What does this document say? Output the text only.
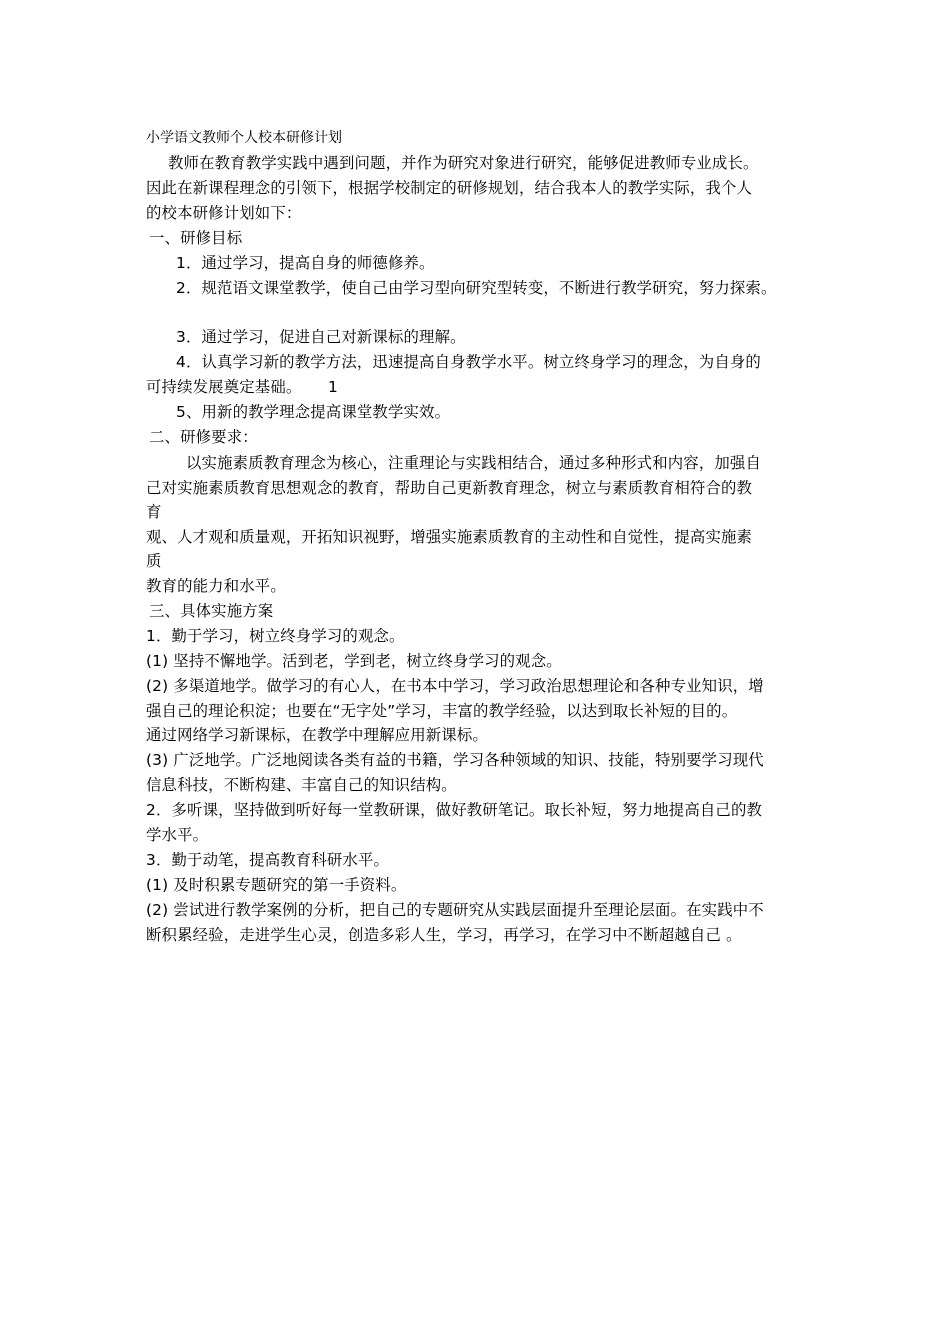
小学语文教师个人校本研修计划
教师在教育教学实践中遇到问题，并作为研究对象进行研究，能够促进教师专业成长。
因此在新课程理念的引领下，根据学校制定的研修规划，结合我本人的教学实际，我个人
的校本研修计划如下：
一、研修目标
1．通过学习，提高自身的师德修养。
2．规范语文课堂教学，使自己由学习型向研究型转变，不断进行教学研究，努力探索。
3．通过学习，促进自己对新课标的理解。
4．认真学习新的教学方法，迅速提高自身教学水平。树立终身学习的理念，为自身的
可持续发展奠定基础。 1
5、用新的教学理念提高课堂教学实效。
二、研修要求：
以实施素质教育理念为核心，注重理论与实践相结合，通过多种形式和内容，加强自
己对实施素质教育思想观念的教育，帮助自己更新教育理念，树立与素质教育相符合的教
育
观、人才观和质量观，开拓知识视野，增强实施素质教育的主动性和自觉性，提高实施素
质
教育的能力和水平。
三、具体实施方案
1．勤于学习，树立终身学习的观念。
(1) 坚持不懈地学。活到老，学到老，树立终身学习的观念。
(2) 多渠道地学。做学习的有心人，在书本中学习，学习政治思想理论和各种专业知识，增
强自己的理论积淀；也要在“无字处”学习，丰富的教学经验，以达到取长补短的目的。
通过网络学习新课标，在教学中理解应用新课标。
(3) 广泛地学。广泛地阅读各类有益的书籍，学习各种领域的知识、技能，特别要学习现代
信息科技，不断构建、丰富自己的知识结构。
2．多听课，坚持做到听好每一堂教研课，做好教研笔记。取长补短，努力地提高自己的教
学水平。
3．勤于动笔，提高教育科研水平。
(1) 及时积累专题研究的第一手资料。
(2) 尝试进行教学案例的分析，把自己的专题研究从实践层面提升至理论层面。在实践中不
断积累经验，走进学生心灵，创造多彩人生，学习，再学习，在学习中不断超越自己 。
